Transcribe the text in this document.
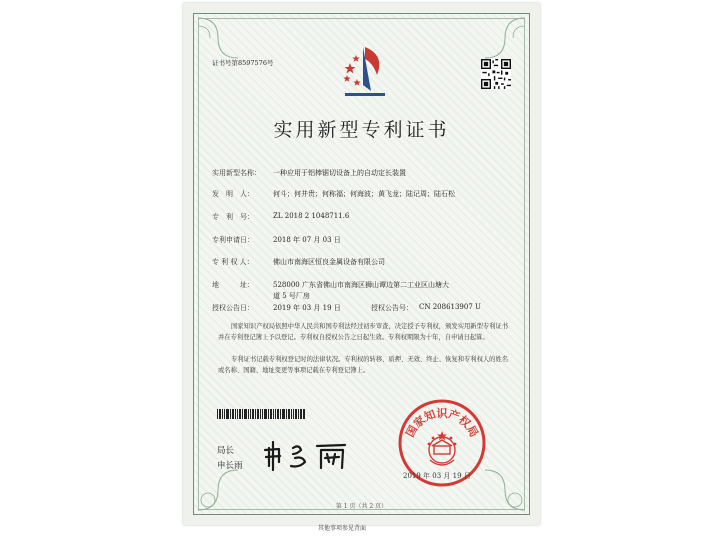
证书号第8597576号
实用新型专利证书
实用新型名称： 一种应用于铝棒锯切设备上的自动定长装置
发　明　人：	何斗；何井贵；何称福；何海波；黄飞龙；陆记周；陆石松
专　利　号：	ZL 2018 2 1048711.6
专利申请日：	2018 年 07 月 03 日
专 利 权 人：	佛山市南海区恒良金属设备有限公司
地　　　址：	528000 广东省佛山市南海区狮山谭边第二工业区山塘大
道 5 号厂房
授权公告日：	2019 年 03 月 19 日	授权公告号： CN 208613907 U
国家知识产权局依照中华人民共和国专利法经过初步审查，决定授予专利权，颁发实用新型专利证书并在专利登记簿上予以登记。专利权自授权公告之日起生效。专利权期限为十年，自申请日起算。
专利证书记载专利权登记时的法律状况。专利权的转移、质押、无效、终止、恢复和专利权人的姓名或名称、国籍、地址变更等事项记载在专利登记簿上。
局长
申长雨
国家知识产权局
2019 年 03 月 19 日
第 1 页（共 2 页）
其他事项参见背面
